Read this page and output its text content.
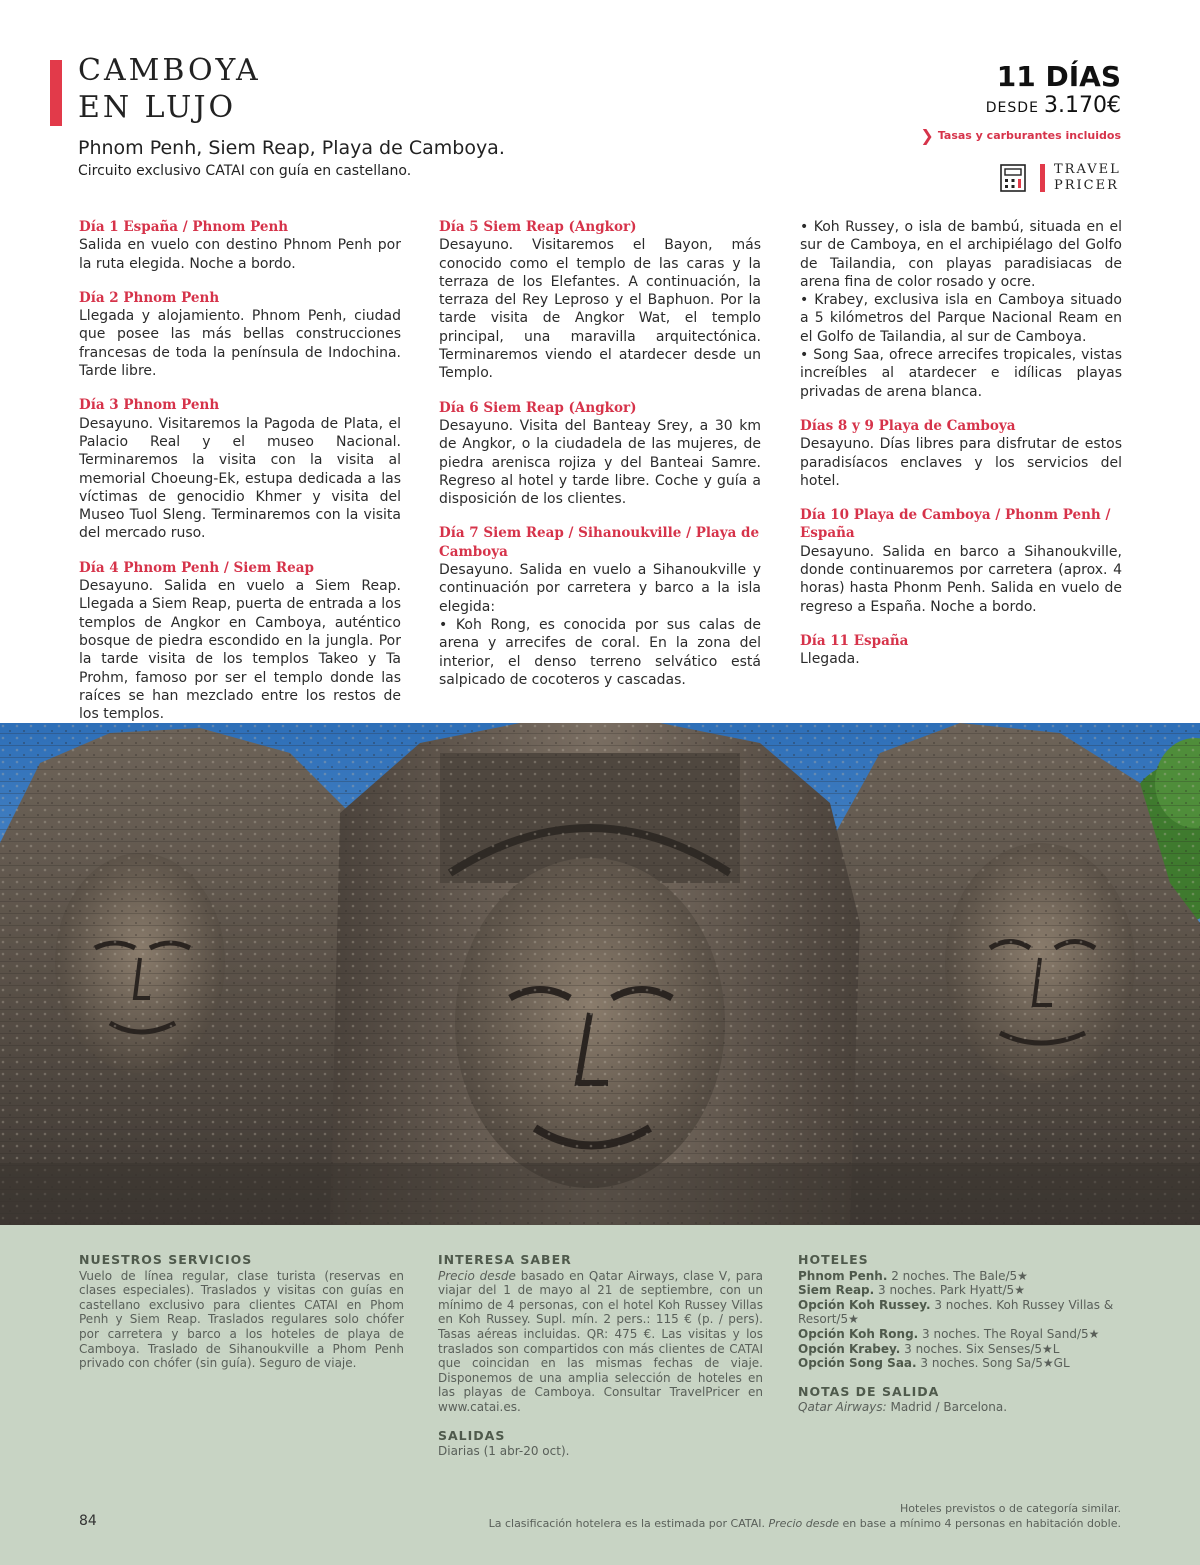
CAMBOYA
EN LUJO
Phnom Penh, Siem Reap, Playa de Camboya.
Circuito exclusivo CATAI con guía en castellano.
11 DÍAS
DESDE 3.170€
❯ Tasas y carburantes incluidos
TRAVEL
PRICER
Día 1 España / Phnom Penh
Salida en vuelo con destino Phnom Penh por la ruta elegida. Noche a bordo.
Día 2 Phnom Penh
Llegada y alojamiento. Phnom Penh, ciudad que posee las más bellas construcciones francesas de toda la península de Indochina. Tarde libre.
Día 3 Phnom Penh
Desayuno. Visitaremos la Pagoda de Plata, el Palacio Real y el museo Nacional. Terminaremos la visita con la visita al memorial Choeung-Ek, estupa dedicada a las víctimas de genocidio Khmer y visita del Museo Tuol Sleng. Terminaremos con la visita del mercado ruso.
Día 4 Phnom Penh / Siem Reap
Desayuno. Salida en vuelo a Siem Reap. Llegada a Siem Reap, puerta de entrada a los templos de Angkor en Camboya, auténtico bosque de piedra escondido en la jungla. Por la tarde visita de los templos Takeo y Ta Prohm, famoso por ser el templo donde las raíces se han mezclado entre los restos de los templos.
Día 5 Siem Reap (Angkor)
Desayuno. Visitaremos el Bayon, más conocido como el templo de las caras y la terraza de los Elefantes. A continuación, la terraza del Rey Leproso y el Baphuon. Por la tarde visita de Angkor Wat, el templo principal, una maravilla arquitectónica. Terminaremos viendo el atardecer desde un Templo.
Día 6 Siem Reap (Angkor)
Desayuno. Visita del Banteay Srey, a 30 km de Angkor, o la ciudadela de las mujeres, de piedra arenisca rojiza y del Banteai Samre. Regreso al hotel y tarde libre. Coche y guía a disposición de los clientes.
Día 7 Siem Reap / Sihanoukville / Playa de Camboya
Desayuno. Salida en vuelo a Sihanoukville y continuación por carretera y barco a la isla elegida:
• Koh Rong, es conocida por sus calas de arena y arrecifes de coral. En la zona del interior, el denso terreno selvático está salpicado de cocoteros y cascadas.
• Koh Russey, o isla de bambú, situada en el sur de Camboya, en el archipiélago del Golfo de Tailandia, con playas paradisiacas de arena fina de color rosado y ocre.
• Krabey, exclusiva isla en Camboya situado a 5 kilómetros del Parque Nacional Ream en el Golfo de Tailandia, al sur de Camboya.
• Song Saa, ofrece arrecifes tropicales, vistas increíbles al atardecer e idílicas playas privadas de arena blanca.
Días 8 y 9 Playa de Camboya
Desayuno. Días libres para disfrutar de estos paradisíacos enclaves y los servicios del hotel.
Día 10 Playa de Camboya / Phonm Penh / España
Desayuno. Salida en barco a Sihanoukville, donde continuaremos por carretera (aprox. 4 horas) hasta Phonm Penh. Salida en vuelo de regreso a España. Noche a bordo.
Día 11 España
Llegada.
NUESTROS SERVICIOS
Vuelo de línea regular, clase turista (reservas en clases especiales). Traslados y visitas con guías en castellano exclusivo para clientes CATAI en Phom Penh y Siem Reap. Traslados regulares solo chófer por carretera y barco a los hoteles de playa de Camboya. Traslado de Sihanoukville a Phom Penh privado con chófer (sin guía). Seguro de viaje.
INTERESA SABER
Precio desde basado en Qatar Airways, clase V, para viajar del 1 de mayo al 21 de septiembre, con un mínimo de 4 personas, con el hotel Koh Russey Villas en Koh Russey. Supl. mín. 2 pers.: 115 € (p. / pers). Tasas aéreas incluidas. QR: 475 €. Las visitas y los traslados son compartidos con más clientes de CATAI que coincidan en las mismas fechas de viaje. Disponemos de una amplia selección de hoteles en las playas de Camboya. Consultar TravelPricer en www.catai.es.
SALIDAS
Diarias (1 abr-20 oct).
HOTELES
Phnom Penh. 2 noches. The Bale/5★
Siem Reap. 3 noches. Park Hyatt/5★
Opción Koh Russey. 3 noches. Koh Russey Villas & Resort/5★
Opción Koh Rong. 3 noches. The Royal Sand/5★
Opción Krabey. 3 noches. Six Senses/5★L
Opción Song Saa. 3 noches. Song Sa/5★GL
NOTAS DE SALIDA
Qatar Airways: Madrid / Barcelona.
84
Hoteles previstos o de categoría similar.
La clasificación hotelera es la estimada por CATAI. Precio desde en base a mínimo 4 personas en habitación doble.
